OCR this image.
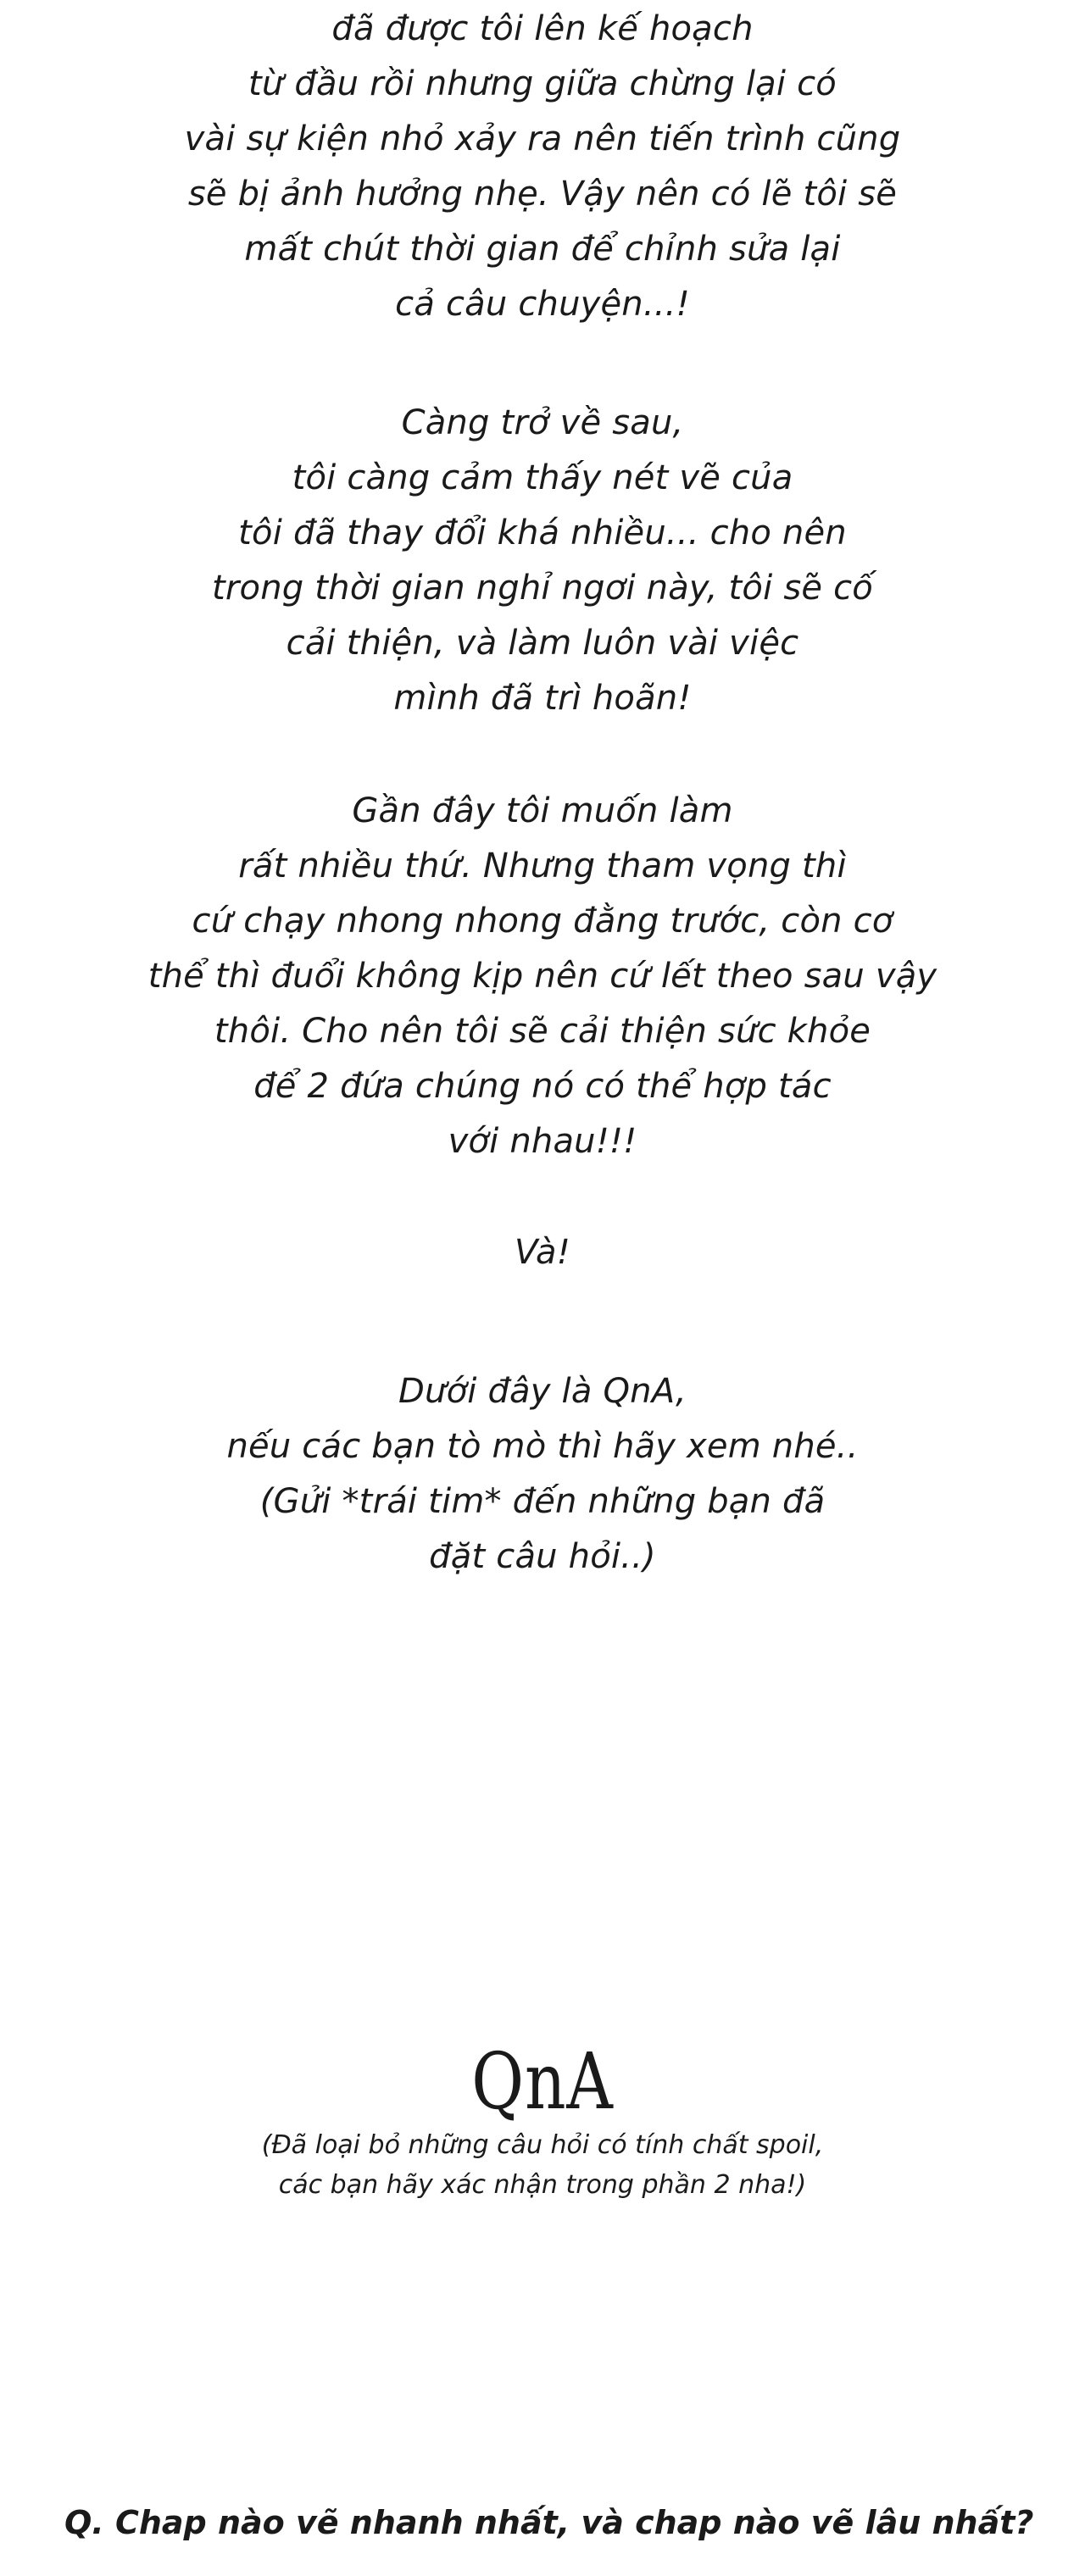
đã được tôi lên kế hoạch
từ đầu rồi nhưng giữa chừng lại có
vài sự kiện nhỏ xảy ra nên tiến trình cũng
sẽ bị ảnh hưởng nhẹ. Vậy nên có lẽ tôi sẽ
mất chút thời gian để chỉnh sửa lại
cả câu chuyện...!
Càng trở về sau,
tôi càng cảm thấy nét vẽ của
tôi đã thay đổi khá nhiều... cho nên
trong thời gian nghỉ ngơi này, tôi sẽ cố
cải thiện, và làm luôn vài việc
mình đã trì hoãn!
Gần đây tôi muốn làm
rất nhiều thứ. Nhưng tham vọng thì
cứ chạy nhong nhong đằng trước, còn cơ
thể thì đuổi không kịp nên cứ lết theo sau vậy
thôi. Cho nên tôi sẽ cải thiện sức khỏe
để 2 đứa chúng nó có thể hợp tác
với nhau!!!
Và!
Dưới đây là QnA,
nếu các bạn tò mò thì hãy xem nhé..
(Gửi *trái tim* đến những bạn đã
đặt câu hỏi..)
QnA
(Đã loại bỏ những câu hỏi có tính chất spoil,
các bạn hãy xác nhận trong phần 2 nha!)
Q. Chap nào vẽ nhanh nhất, và chap nào vẽ lâu nhất?
